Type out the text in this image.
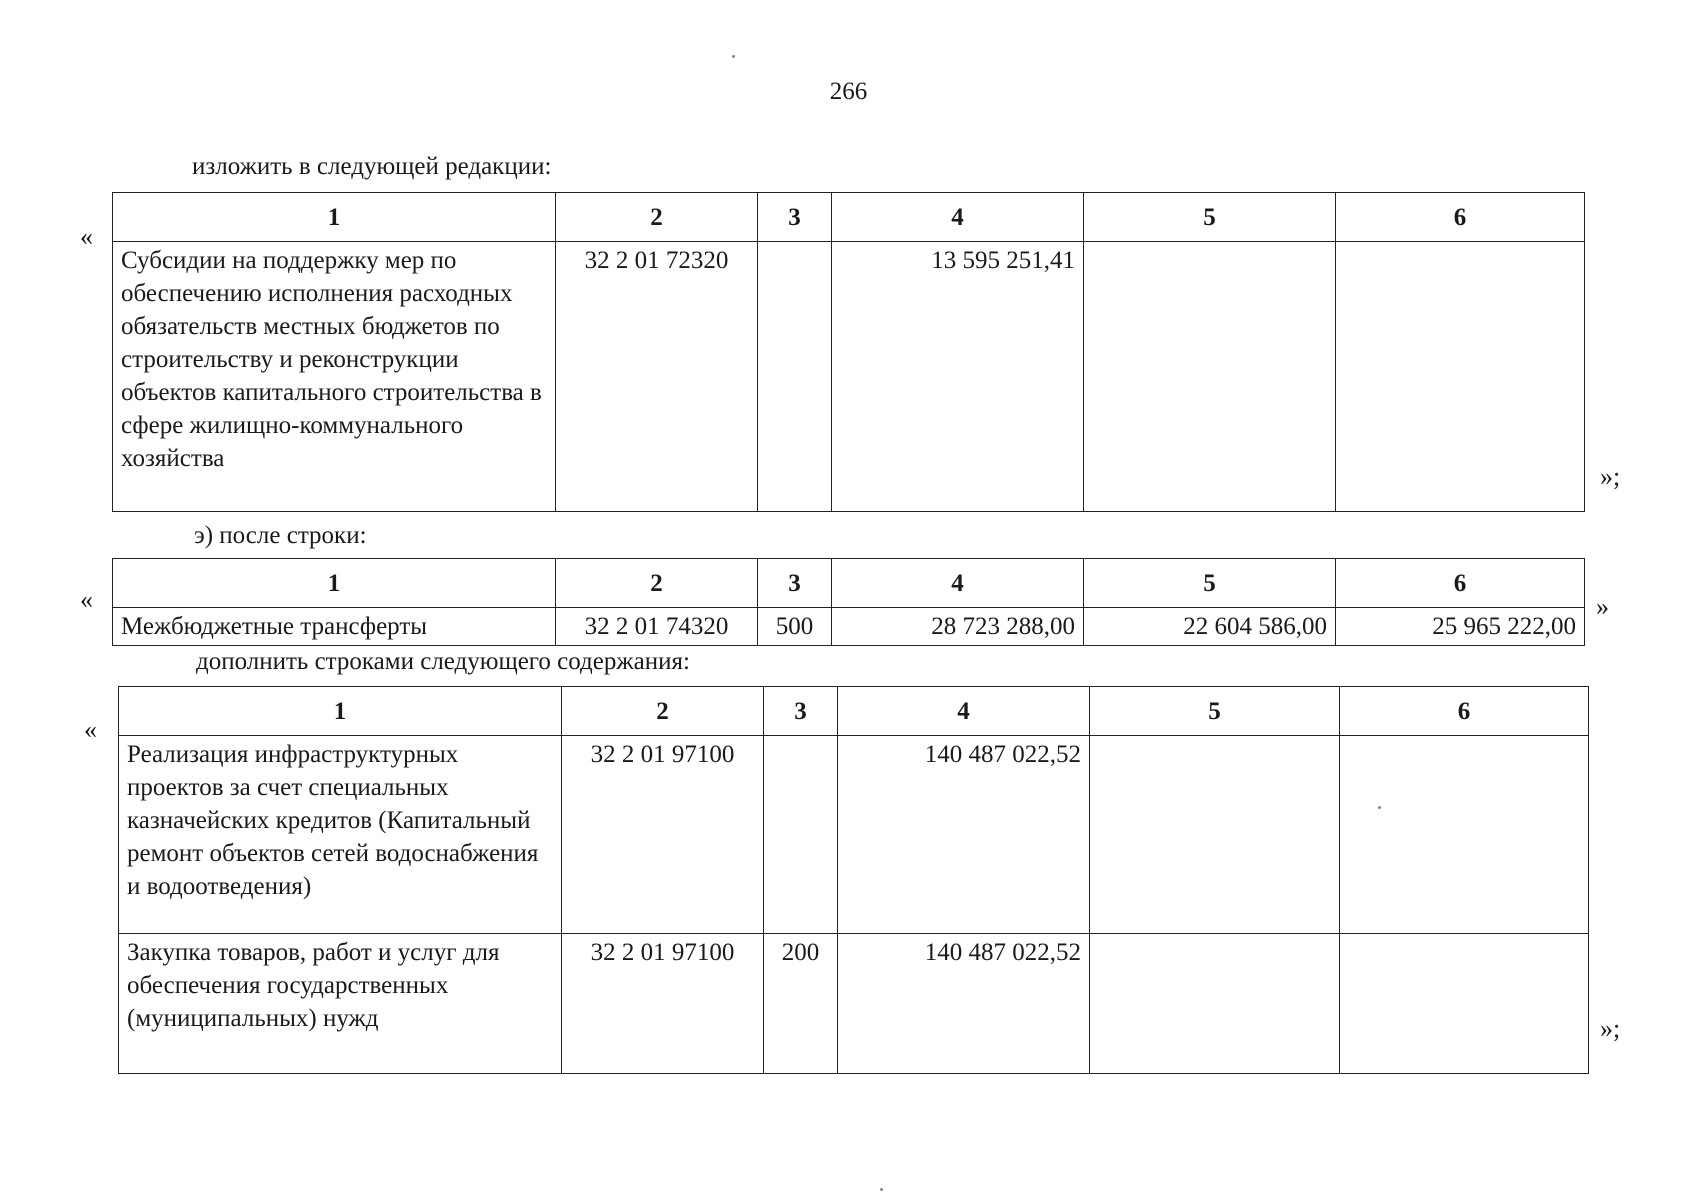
266
изложить в следующей редакции:
«
1	2	3	4	5	6
Субсидии на поддержку мер по обеспечению исполнения расходных обязательств местных бюджетов по строительству и реконструкции объектов капитального строительства в сфере жилищно-коммунального хозяйства	32 2 01 72320		13 595 251,41		
»;
э) после строки:
«
1	2	3	4	5	6
Межбюджетные трансферты	32 2 01 74320	500	28 723 288,00	22 604 586,00	25 965 222,00
»
дополнить строками следующего содержания:
«
1	2	3	4	5	6
Реализация инфраструктурных проектов за счет специальных казначейских кредитов (Капитальный ремонт объектов сетей водоснабжения и водоотведения)	32 2 01 97100		140 487 022,52		
Закупка товаров, работ и услуг для обеспечения государственных (муниципальных) нужд	32 2 01 97100	200	140 487 022,52		
»;
